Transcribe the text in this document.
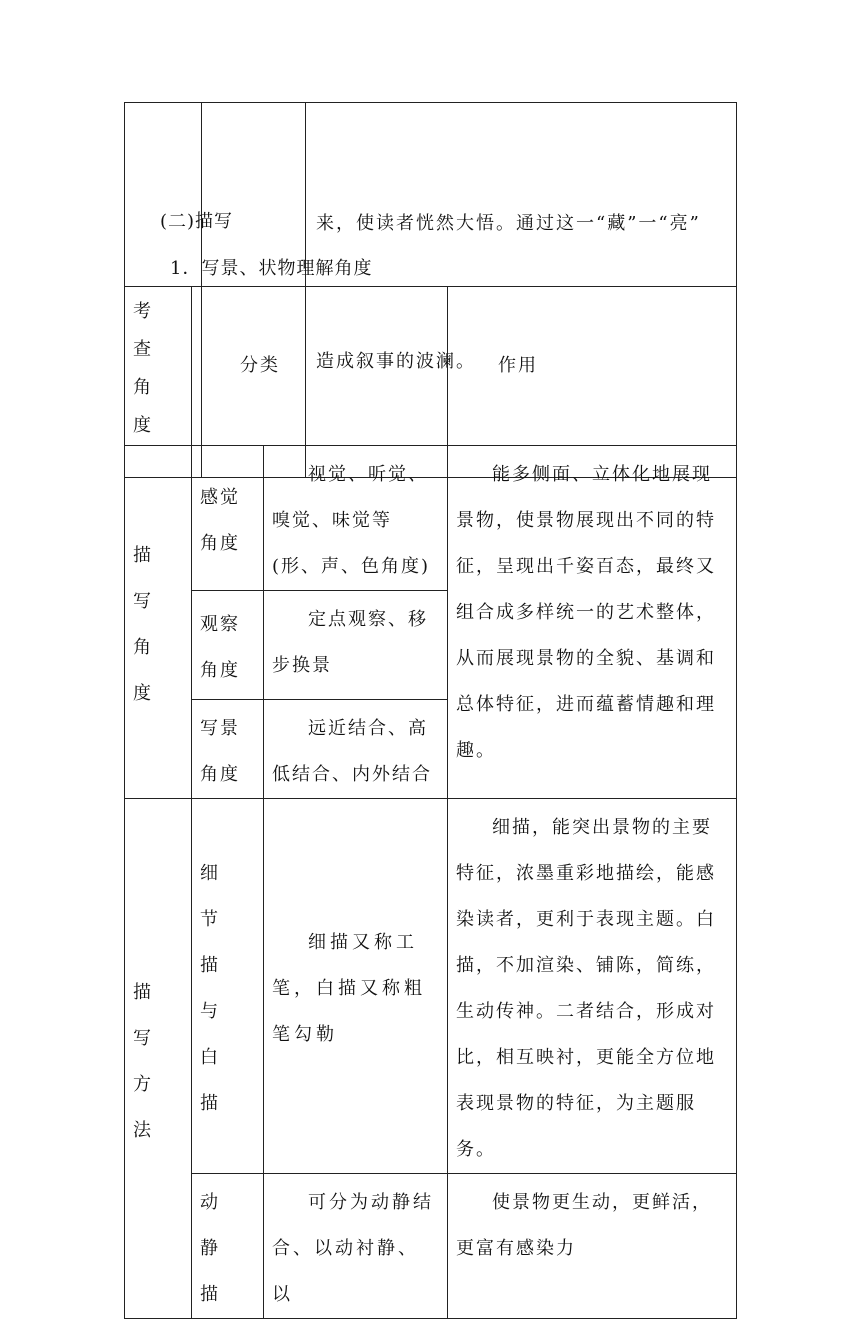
来，使读者恍然大悟。通过这一“藏”一“亮”

造成叙事的波澜。

(二)描写
1．写景、状物理解角度
考查角度	分类		作用

描写角度	感觉角度	视觉、听觉、嗅觉、味觉等(形、声、色角度)	能多侧面、立体化地展现景物，使景物展现出不同的特征，呈现出千姿百态，最终又组合成多样统一的艺术整体，从而展现景物的全貌、基调和总体特征，进而蕴蓄情趣和理趣。

	观察角度	定点观察、移步换景	

	写景角度	远近结合、高低结合、内外结合	

描写方法	细节描与白描	细描又称工笔，白描又称粗笔勾勒	细描，能突出景物的主要特征，浓墨重彩地描绘，能感染读者，更利于表现主题。白描，不加渲染、铺陈，简练，生动传神。二者结合，形成对比，相互映衬，更能全方位地表现景物的特征，为主题服务。

	动静描	可分为动静结合、以动衬静、以	使景物更生动，更鲜活，更富有感染力
